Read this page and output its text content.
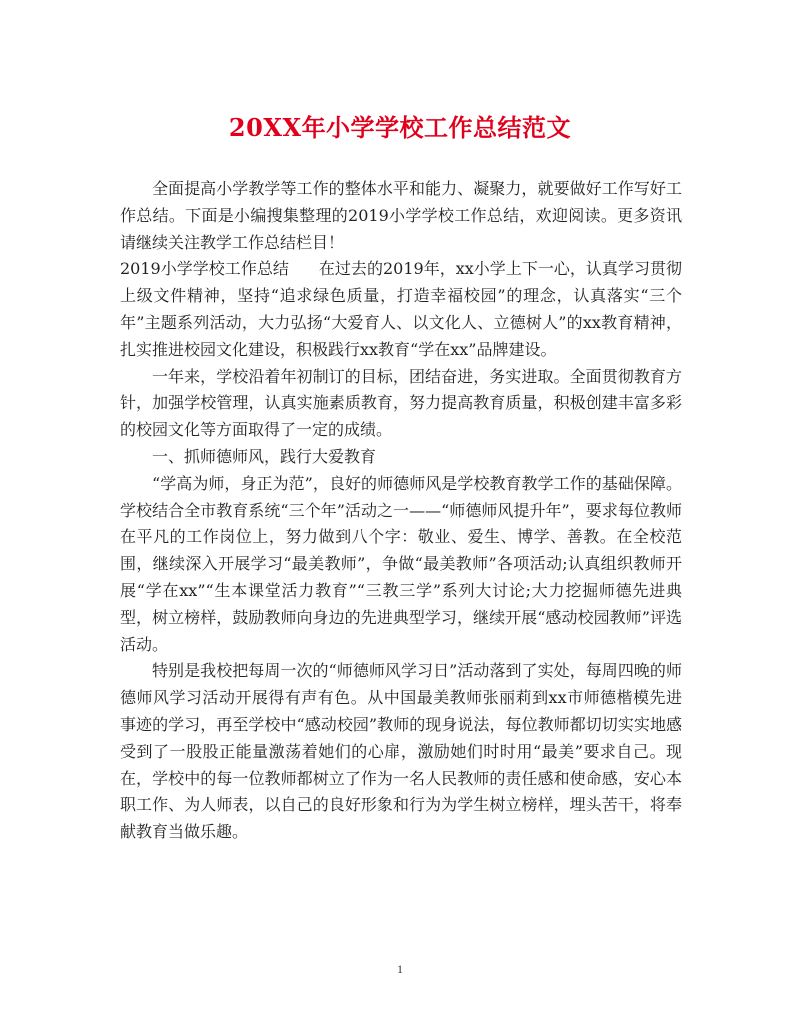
20XX年小学学校工作总结范文

全面提高小学教学等工作的整体水平和能力、凝聚力，就要做好工作写好工作总结。下面是小编搜集整理的2019小学学校工作总结，欢迎阅读。更多资讯请继续关注教学工作总结栏目！

2019小学学校工作总结 在过去的2019年，xx小学上下一心，认真学习贯彻上级文件精神，坚持“追求绿色质量，打造幸福校园”的理念，认真落实“三个年”主题系列活动，大力弘扬“大爱育人、以文化人、立德树人”的xx教育精神，扎实推进校园文化建设，积极践行xx教育“学在xx”品牌建设。

一年来，学校沿着年初制订的目标，团结奋进，务实进取。全面贯彻教育方针，加强学校管理，认真实施素质教育，努力提高教育质量，积极创建丰富多彩的校园文化等方面取得了一定的成绩。

一、抓师德师风，践行大爱教育

“学高为师，身正为范”，良好的师德师风是学校教育教学工作的基础保障。学校结合全市教育系统“三个年”活动之一——“师德师风提升年”，要求每位教师在平凡的工作岗位上，努力做到八个字：敬业、爱生、博学、善教。在全校范围，继续深入开展学习“最美教师”，争做“最美教师”各项活动;认真组织教师开展“学在xx”“生本课堂活力教育”“三教三学”系列大讨论;大力挖掘师德先进典型，树立榜样，鼓励教师向身边的先进典型学习，继续开展“感动校园教师”评选活动。

特别是我校把每周一次的“师德师风学习日”活动落到了实处，每周四晚的师德师风学习活动开展得有声有色。从中国最美教师张丽莉到xx市师德楷模先进事迹的学习，再至学校中“感动校园”教师的现身说法，每位教师都切切实实地感受到了一股股正能量激荡着她们的心扉，激励她们时时用“最美”要求自己。现在，学校中的每一位教师都树立了作为一名人民教师的责任感和使命感，安心本职工作、为人师表，以自己的良好形象和行为为学生树立榜样，埋头苦干，将奉献教育当做乐趣。

1
